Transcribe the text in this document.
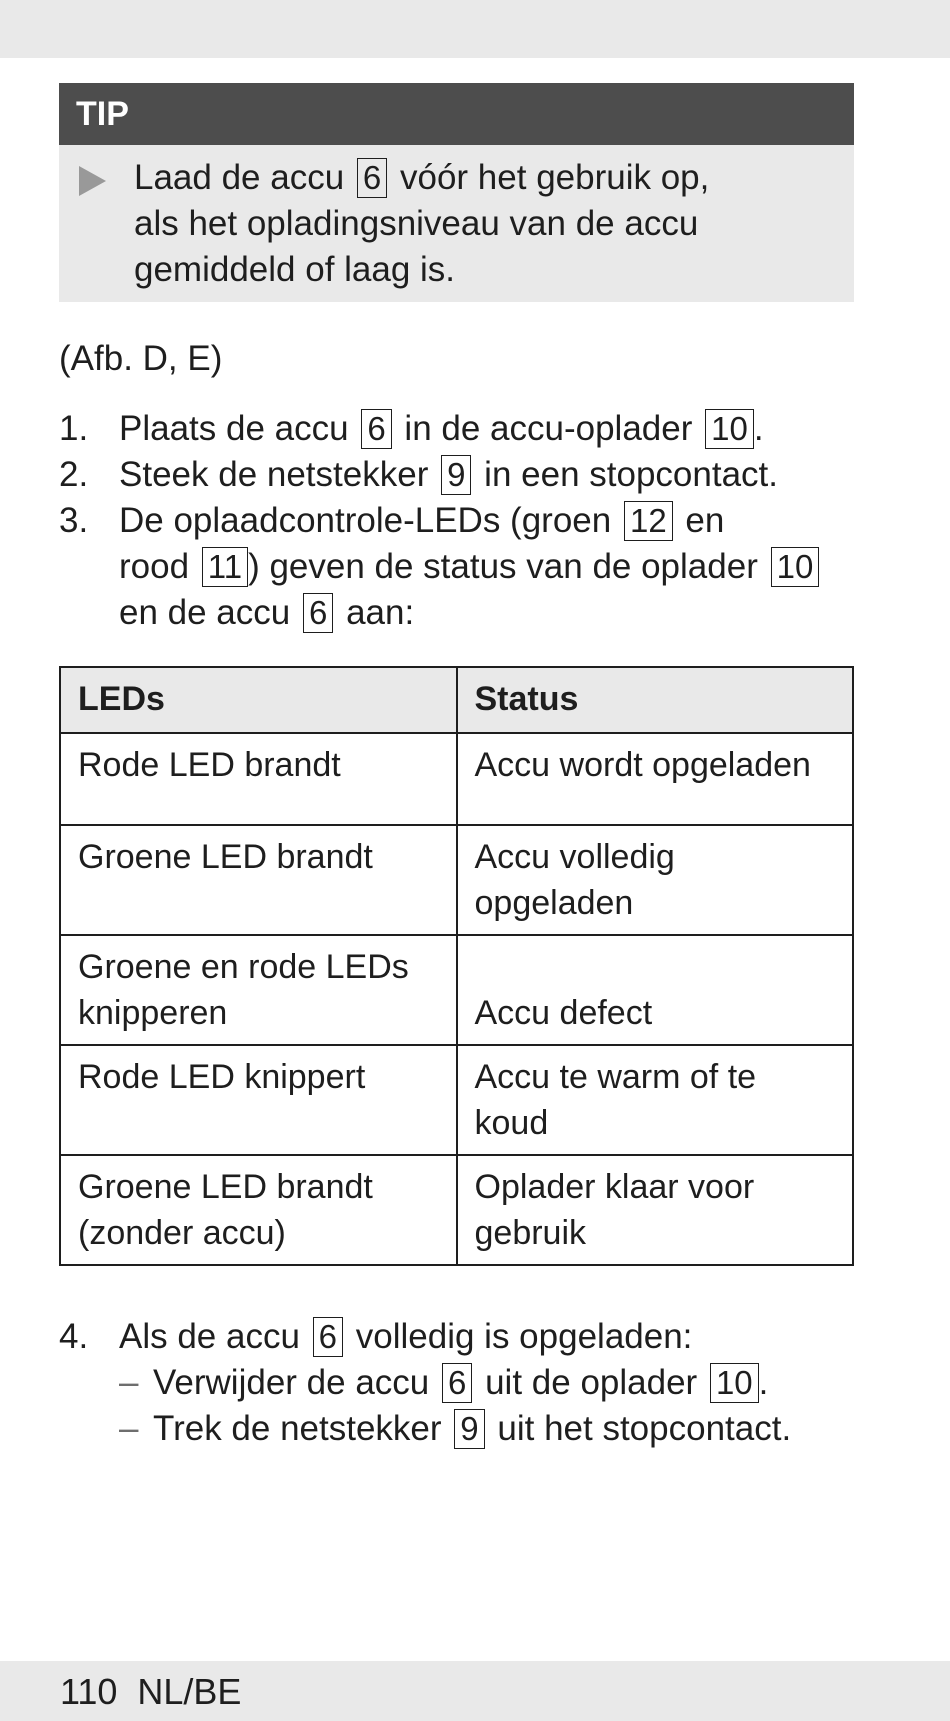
TIP
Laad de accu 6 vóór het gebruik op,
als het opladingsniveau van de accu
gemiddeld of laag is.
(Afb. D, E)
1. Plaats de accu 6 in de accu-oplader 10 .
2. Steek de netstekker 9 in een stopcontact.
3. De oplaadcontrole-LEDs (groen 12 en
rood 11 ) geven de status van de oplader 10
en de accu 6 aan:
LEDs	Status
Rode LED brandt	Accu wordt opgeladen
Groene LED brandt	Accu volledig opgeladen
Groene en rode LEDs knipperen	Accu defect
Rode LED knippert	Accu te warm of te koud
Groene LED brandt (zonder accu)	Oplader klaar voor gebruik
4. Als de accu 6 volledig is opgeladen:
– Verwijder de accu 6 uit de oplader 10 .
– Trek de netstekker 9 uit het stopcontact.
110  NL/BE
